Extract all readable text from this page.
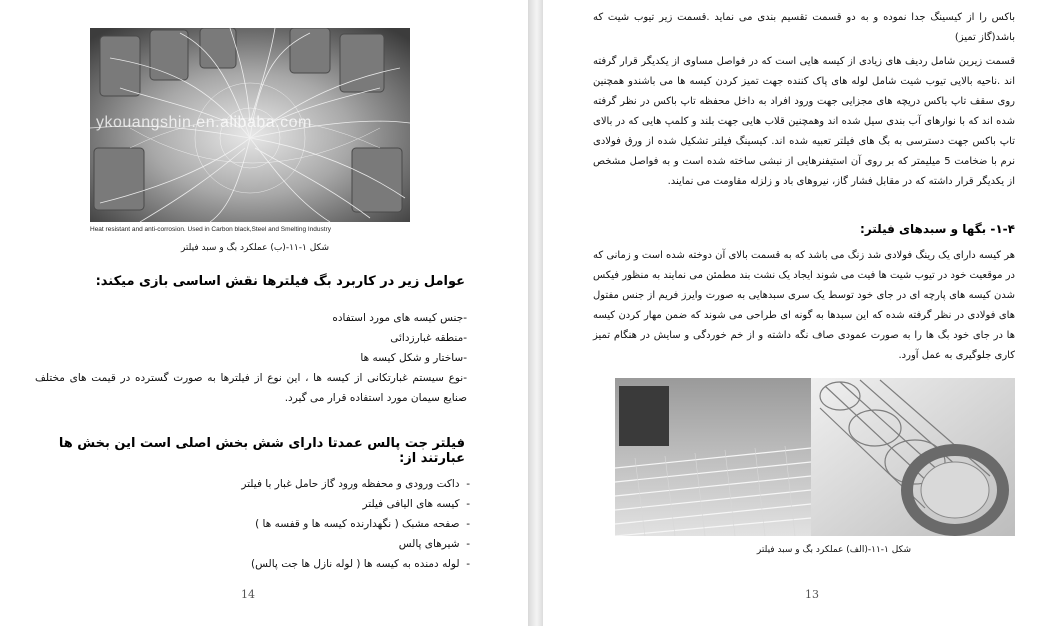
ykouangshin.en.alibaba.com
Heat resistant and anti-corrosion. Used in Carbon black,Steel and Smelting Industry
شکل ۱-۱۱-(ب) عملکرد بگ و سبد فیلتر
عوامل زیر در کاربرد بگ فیلترها نقش اساسی بازی میکند:
-جنس کیسه های مورد استفاده
-منطقه غبارزدائی
-ساختار و شکل کیسه ها
-نوع سیستم غبارتکانی از کیسه ها ، این نوع از فیلترها به صورت گسترده در قیمت های مختلف صنایع سیمان مورد استفاده قرار می گیرد.
فیلتر جت پالس عمدتا دارای شش بخش اصلی است این بخش ها عبارتند از:
-  داکت ورودی و محفظه ورود گاز حامل غبار با فیلتر
-  کیسه های الیافی فیلتر
-  صفحه مشبک ( نگهدارنده کیسه ها و قفسه ها )
-  شیرهای پالس
-  لوله دمنده به کیسه ها ( لوله نازل ها جت پالس)
14
باکس را از کیسینگ جدا نموده و به دو قسمت تقسیم بندی می نماید .قسمت زیر تیوب شیت که باشد(گاز تمیز)
قسمت زیرین شامل ردیف های زیادی از کیسه هایی است که در فواصل مساوی از یکدیگر قرار گرفته اند .ناحیه بالایی تیوب شیت شامل لوله های پاک کننده جهت تمیز کردن کیسه ها می باشندو همچنین روی سقف تاپ باکس دریچه های مجزایی جهت ورود افراد به داخل محفظه تاپ باکس در نظر گرفته شده اند که با نوارهای آب بندی سیل شده اند وهمچنین قلاب هایی جهت بلند و کلمپ هایی که در بالای تاپ باکس جهت دسترسی به بگ های فیلتر تعبیه شده اند. کیسینگ فیلتر تشکیل شده از ورق فولادی نرم با ضخامت 5 میلیمتر که بر روی آن استیفنرهایی از نبشی ساخته شده است و به فواصل مشخص از یکدیگر قرار داشته که در مقابل فشار گاز، نیروهای باد و زلزله مقاومت می نمایند.
۱-۴- بگها و سبدهای فیلتر:
هر کیسه دارای یک رینگ فولادی شد زنگ می باشد که به قسمت بالای آن دوخته شده است و زمانی که در موقعیت خود در تیوب شیت ها فیت می شوند ایجاد یک نشت بند مطمئن می نمایند به منظور فیکس شدن کیسه های پارچه ای در جای خود توسط یک سری سبدهایی به صورت وایرز فریم از جنس مفتول های فولادی در نظر گرفته شده که این سبدها به گونه ای طراحی می شوند که ضمن مهار کردن کیسه ها در جای خود بگ ها را به صورت عمودی صاف نگه داشته و از خم خوردگی و سایش در هنگام تمیز کاری جلوگیری به عمل آورد.
شکل ۱-۱۱-(الف) عملکرد بگ و سبد فیلتر
13
